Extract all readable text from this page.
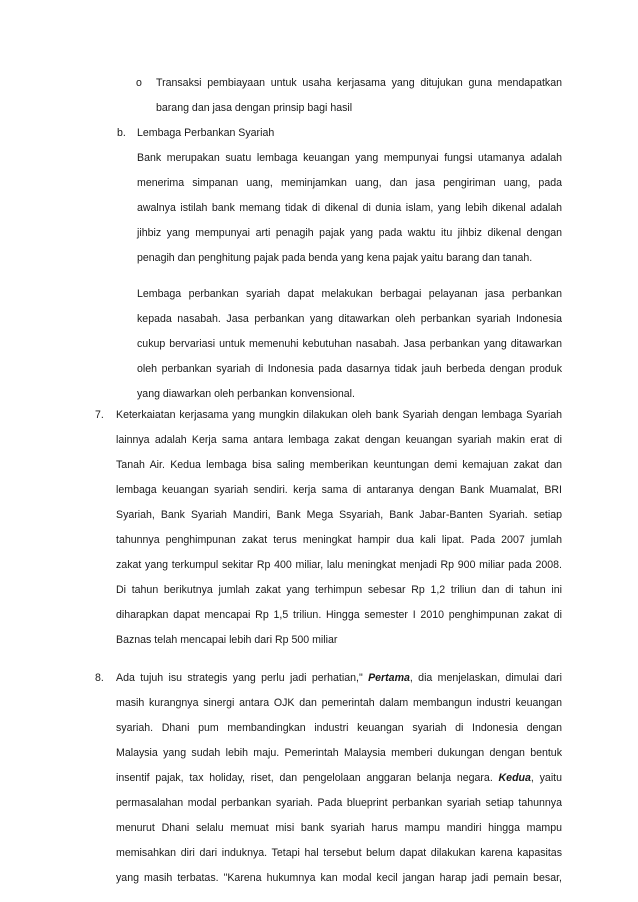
o Transaksi pembiayaan untuk usaha kerjasama yang ditujukan guna mendapatkan
barang dan jasa dengan prinsip bagi hasil
b. Lembaga Perbankan Syariah
Bank merupakan suatu lembaga keuangan yang mempunyai fungsi utamanya adalah
menerima simpanan uang, meminjamkan uang, dan jasa pengiriman uang, pada
awalnya istilah bank memang tidak di dikenal di dunia islam, yang lebih dikenal adalah
jihbiz yang mempunyai arti penagih pajak yang pada waktu itu jihbiz dikenal dengan
penagih dan penghitung pajak pada benda yang kena pajak yaitu barang dan tanah.
Lembaga perbankan syariah dapat melakukan berbagai pelayanan jasa perbankan
kepada nasabah. Jasa perbankan yang ditawarkan oleh perbankan syariah Indonesia
cukup bervariasi untuk memenuhi kebutuhan nasabah. Jasa perbankan yang ditawarkan
oleh perbankan syariah di Indonesia pada dasarnya tidak jauh berbeda dengan produk
yang diawarkan oleh perbankan konvensional.
7. Keterkaiatan kerjasama yang mungkin dilakukan oleh bank Syariah dengan lembaga Syariah
lainnya adalah Kerja sama antara lembaga zakat dengan keuangan syariah makin erat di
Tanah Air. Kedua lembaga bisa saling memberikan keuntungan demi kemajuan zakat dan
lembaga keuangan syariah sendiri. kerja sama di antaranya dengan Bank Muamalat, BRI
Syariah, Bank Syariah Mandiri, Bank Mega Ssyariah, Bank Jabar-Banten Syariah. setiap
tahunnya penghimpunan zakat terus meningkat hampir dua kali lipat. Pada 2007 jumlah
zakat yang terkumpul sekitar Rp 400 miliar, lalu meningkat menjadi Rp 900 miliar pada 2008.
Di tahun berikutnya jumlah zakat yang terhimpun sebesar Rp 1,2 triliun dan di tahun ini
diharapkan dapat mencapai Rp 1,5 triliun. Hingga semester I 2010 penghimpunan zakat di
Baznas telah mencapai lebih dari Rp 500 miliar
8. Ada tujuh isu strategis yang perlu jadi perhatian," Pertama, dia menjelaskan, dimulai dari
masih kurangnya sinergi antara OJK dan pemerintah dalam membangun industri keuangan
syariah. Dhani pum membandingkan industri keuangan syariah di Indonesia dengan
Malaysia yang sudah lebih maju. Pemerintah Malaysia memberi dukungan dengan bentuk
insentif pajak, tax holiday, riset, dan pengelolaan anggaran belanja negara. Kedua, yaitu
permasalahan modal perbankan syariah. Pada blueprint perbankan syariah setiap tahunnya
menurut Dhani selalu memuat misi bank syariah harus mampu mandiri hingga mampu
memisahkan diri dari induknya. Tetapi hal tersebut belum dapat dilakukan karena kapasitas
yang masih terbatas. "Karena hukumnya kan modal kecil jangan harap jadi pemain besar,
